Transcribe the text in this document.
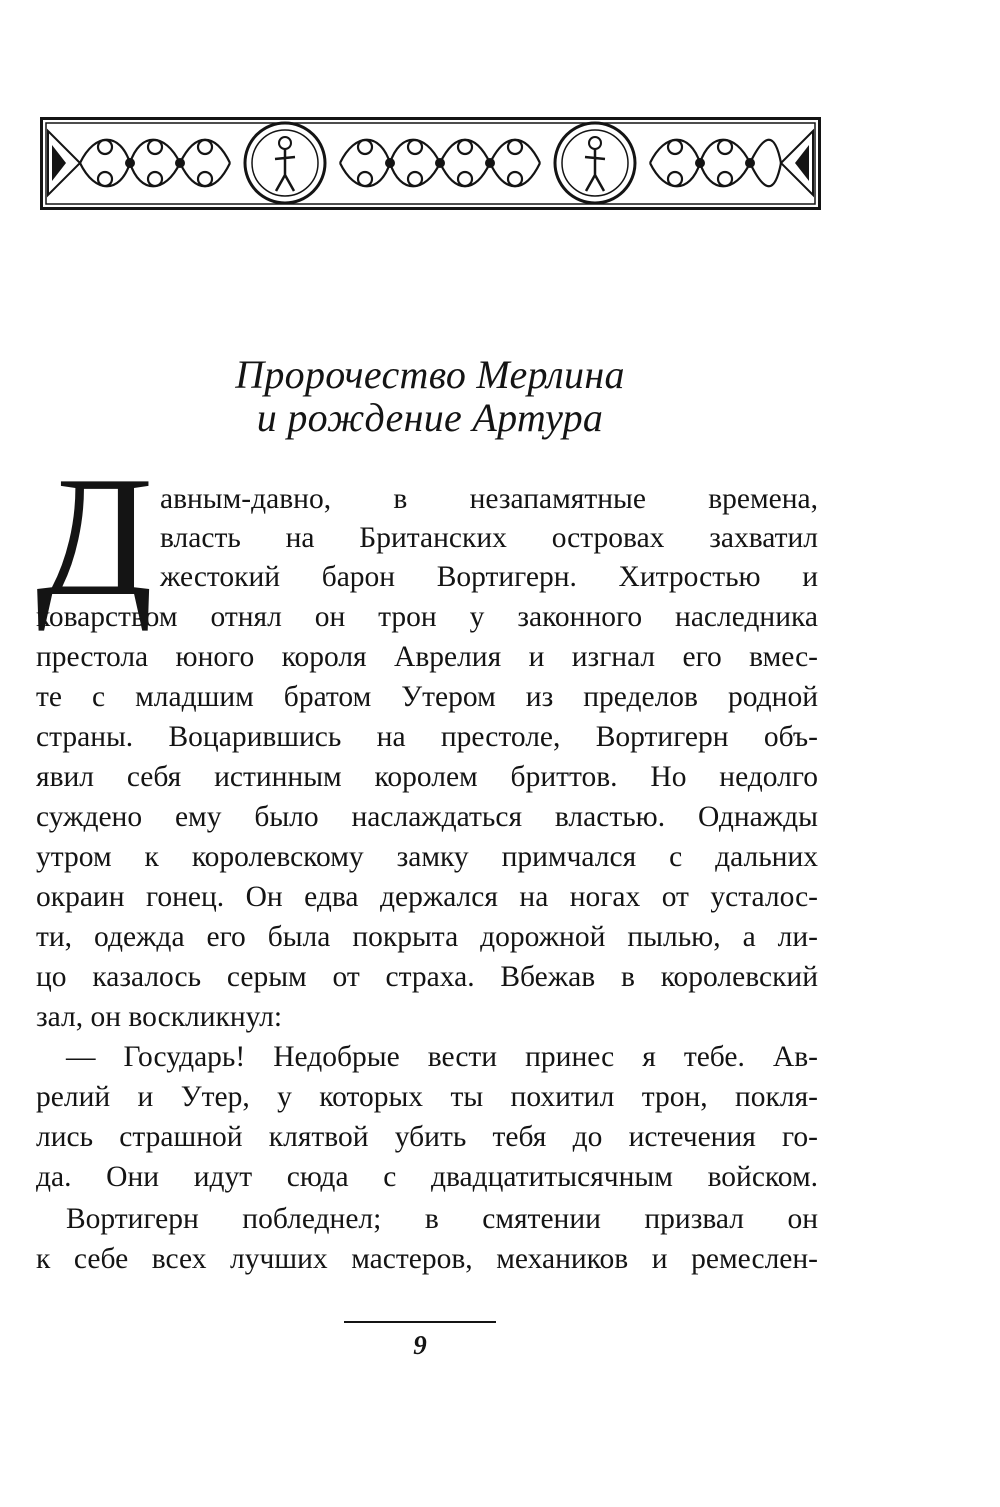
Пророчество Мерлина
и рождение Артура
Д авным-давно, в незапамятные времена,
власть на Британских островах захватил
жестокий барон Вортигерн. Хитростью и
коварством отнял он трон у законного наследника
престола юного короля Аврелия и изгнал его вмес-
те с младшим братом Утером из пределов родной
страны. Воцарившись на престоле, Вортигерн объ-
явил себя истинным королем бриттов. Но недолго
суждено ему было наслаждаться властью. Однажды
утром к королевскому замку примчался с дальних
окраин гонец. Он едва держался на ногах от усталос-
ти, одежда его была покрыта дорожной пылью, а ли-
цо казалось серым от страха. Вбежав в королевский
зал, он воскликнул:
— Государь! Недобрые вести принес я тебе. Ав-
релий и Утер, у которых ты похитил трон, покля-
лись страшной клятвой убить тебя до истечения го-
да. Они идут сюда с двадцатитысячным войском.
Вортигерн побледнел; в смятении призвал он
к себе всех лучших мастеров, механиков и ремеслен-
9
